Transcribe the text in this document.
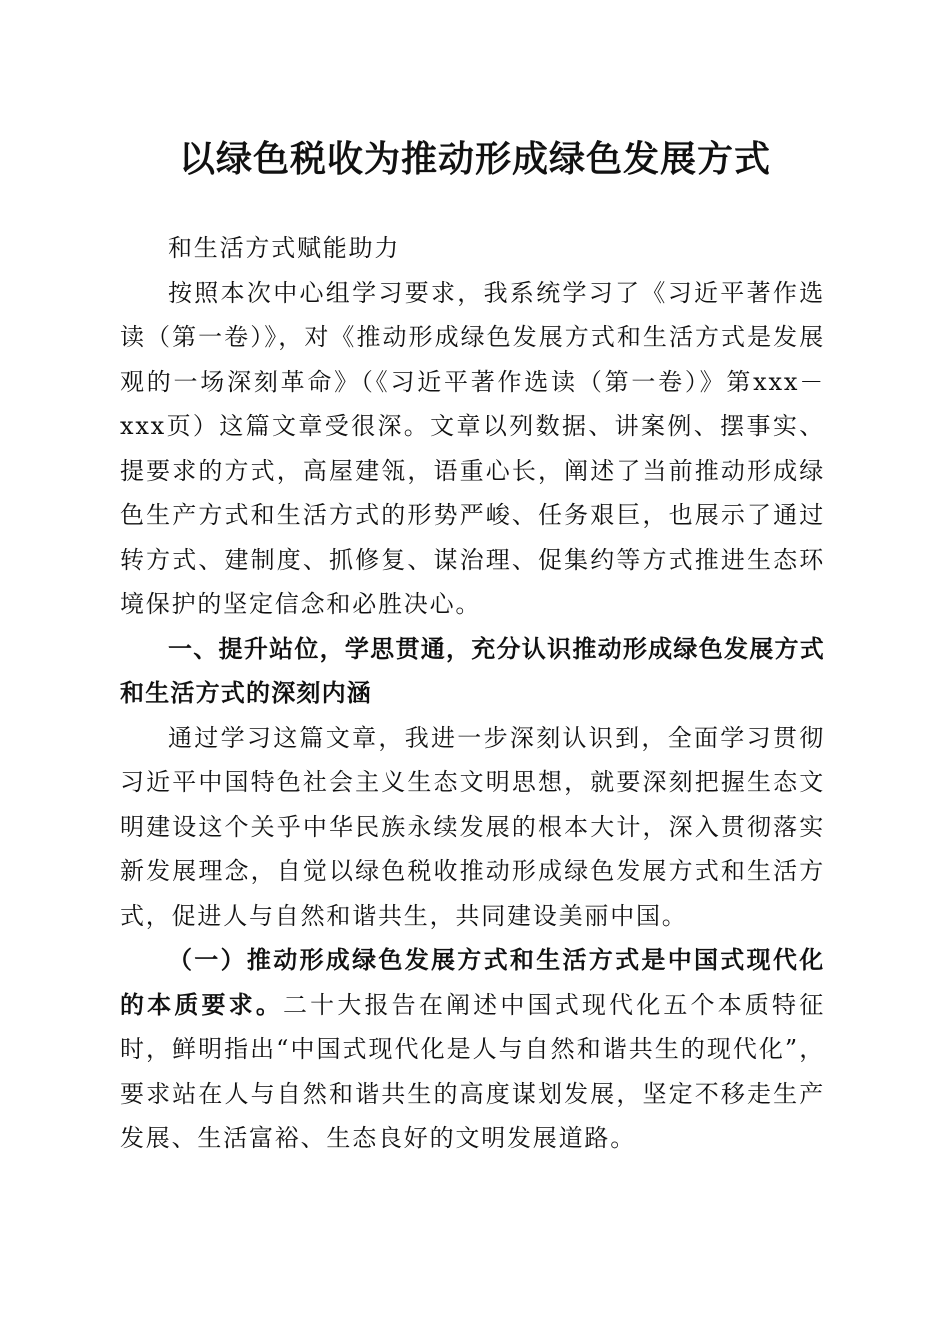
以绿色税收为推动形成绿色发展方式

和生活方式赋能助力

按照本次中心组学习要求，我系统学习了《习近平著作选读（第一卷）》，对《推动形成绿色发展方式和生活方式是发展观的一场深刻革命》（《习近平著作选读（第一卷）》第xxx－xxx页）这篇文章受很深。文章以列数据、讲案例、摆事实、提要求的方式，高屋建瓴，语重心长，阐述了当前推动形成绿色生产方式和生活方式的形势严峻、任务艰巨，也展示了通过转方式、建制度、抓修复、谋治理、促集约等方式推进生态环境保护的坚定信念和必胜决心。

一、提升站位，学思贯通，充分认识推动形成绿色发展方式和生活方式的深刻内涵

通过学习这篇文章，我进一步深刻认识到，全面学习贯彻习近平中国特色社会主义生态文明思想，就要深刻把握生态文明建设这个关乎中华民族永续发展的根本大计，深入贯彻落实新发展理念，自觉以绿色税收推动形成绿色发展方式和生活方式，促进人与自然和谐共生，共同建设美丽中国。

（一）推动形成绿色发展方式和生活方式是中国式现代化的本质要求。二十大报告在阐述中国式现代化五个本质特征时，鲜明指出“中国式现代化是人与自然和谐共生的现代化”，要求站在人与自然和谐共生的高度谋划发展，坚定不移走生产发展、生活富裕、生态良好的文明发展道路。
